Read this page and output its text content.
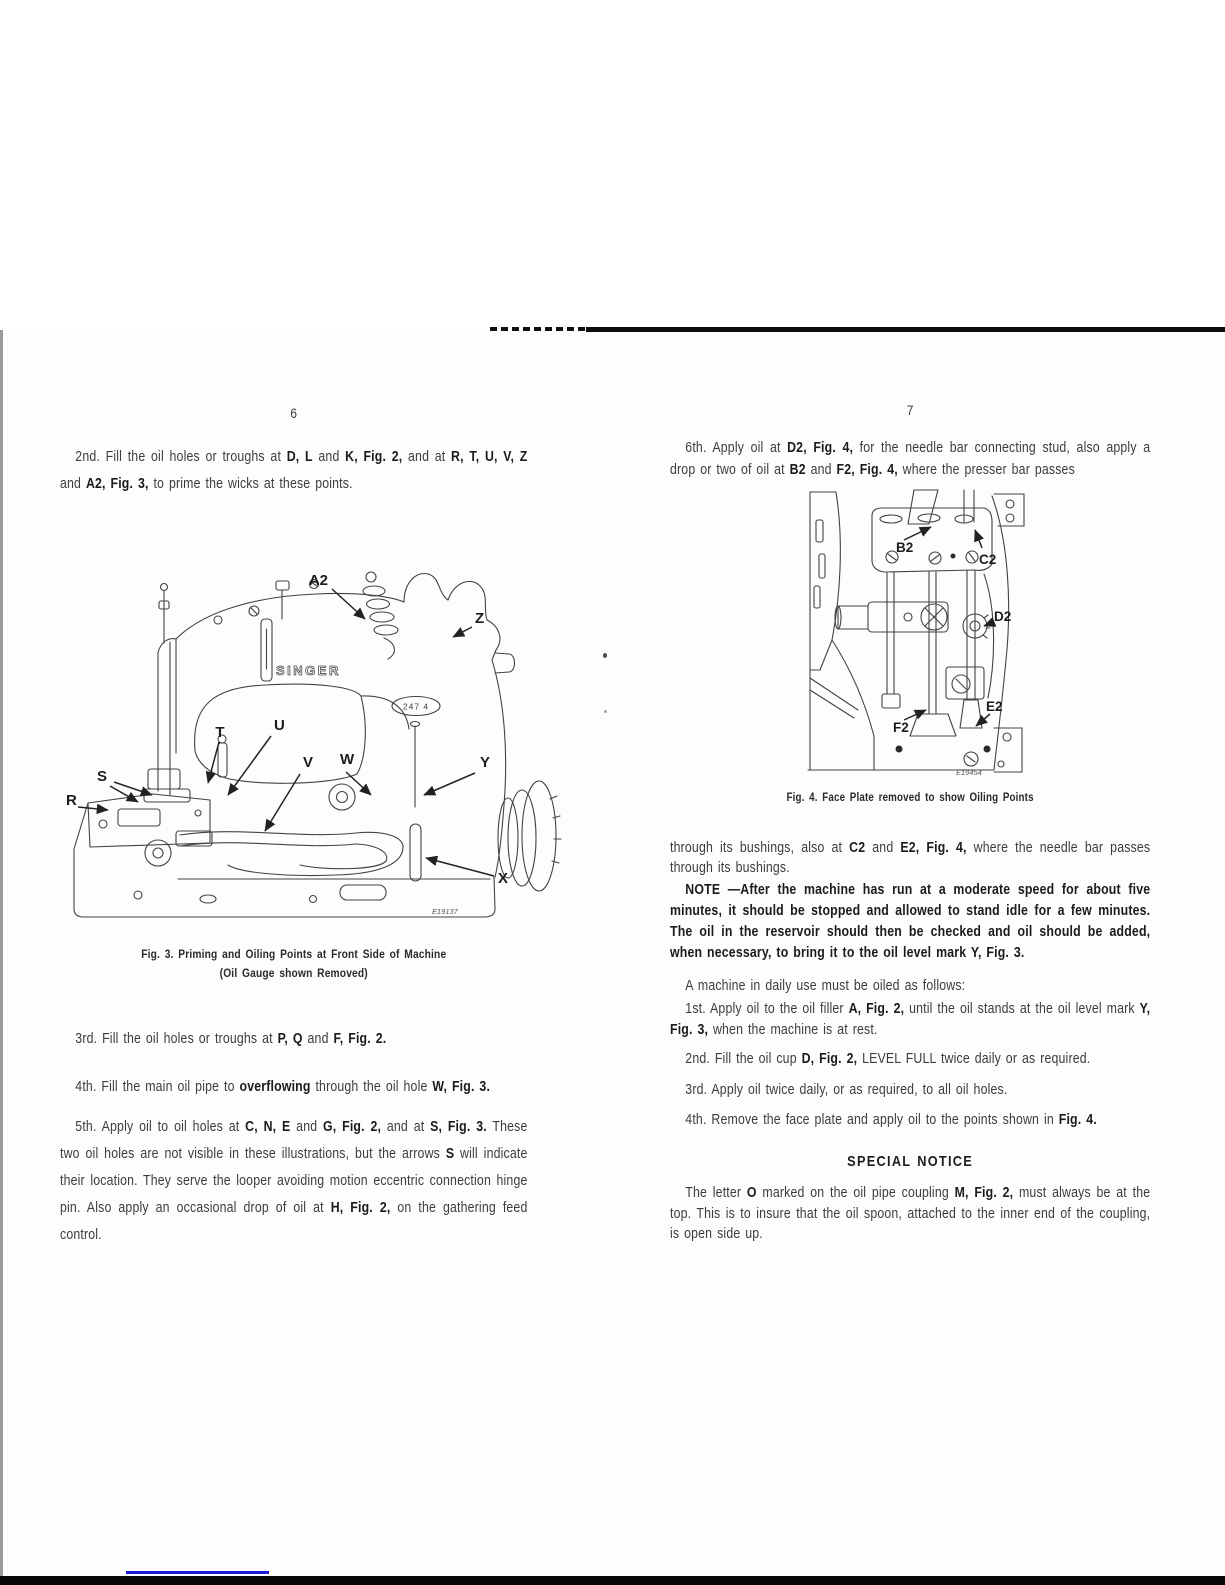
6
2nd. Fill the oil holes or troughs at D, L and K, Fig. 2, and at R, T, U, V, Z and A2, Fig. 3, to prime the wicks at these points.
A2
Z
T	U
V W	Y
S
R
X
SINGER
247 4
E19137
Fig. 3. Priming and Oiling Points at Front Side of Machine
(Oil Gauge shown Removed)
3rd. Fill the oil holes or troughs at P, Q and F, Fig. 2.
4th. Fill the main oil pipe to overflowing through the oil hole W, Fig. 3.
5th. Apply oil to oil holes at C, N, E and G, Fig. 2, and at S, Fig. 3. These two oil holes are not visible in these illustrations, but the arrows S will indicate their location. They serve the looper avoiding motion eccentric connection hinge pin. Also apply an occasional drop of oil at H, Fig. 2, on the gathering feed control.
7
6th. Apply oil at D2, Fig. 4, for the needle bar connecting stud, also apply a drop or two of oil at B2 and F2, Fig. 4, where the presser bar passes
B2
C2
D2
F2
E2
E19454
Fig. 4. Face Plate removed to show Oiling Points
through its bushings, also at C2 and E2, Fig. 4, where the needle bar passes through its bushings.
NOTE —After the machine has run at a moderate speed for about five minutes, it should be stopped and allowed to stand idle for a few minutes. The oil in the reservoir should then be checked and oil should be added, when necessary, to bring it to the oil level mark Y, Fig. 3.
A machine in daily use must be oiled as follows:
1st. Apply oil to the oil filler A, Fig. 2, until the oil stands at the oil level mark Y, Fig. 3, when the machine is at rest.
2nd. Fill the oil cup D, Fig. 2, LEVEL FULL twice daily or as required.
3rd. Apply oil twice daily, or as required, to all oil holes.
4th. Remove the face plate and apply oil to the points shown in Fig. 4.
SPECIAL NOTICE
The letter O marked on the oil pipe coupling M, Fig. 2, must always be at the top. This is to insure that the oil spoon, attached to the inner end of the coupling, is open side up.
